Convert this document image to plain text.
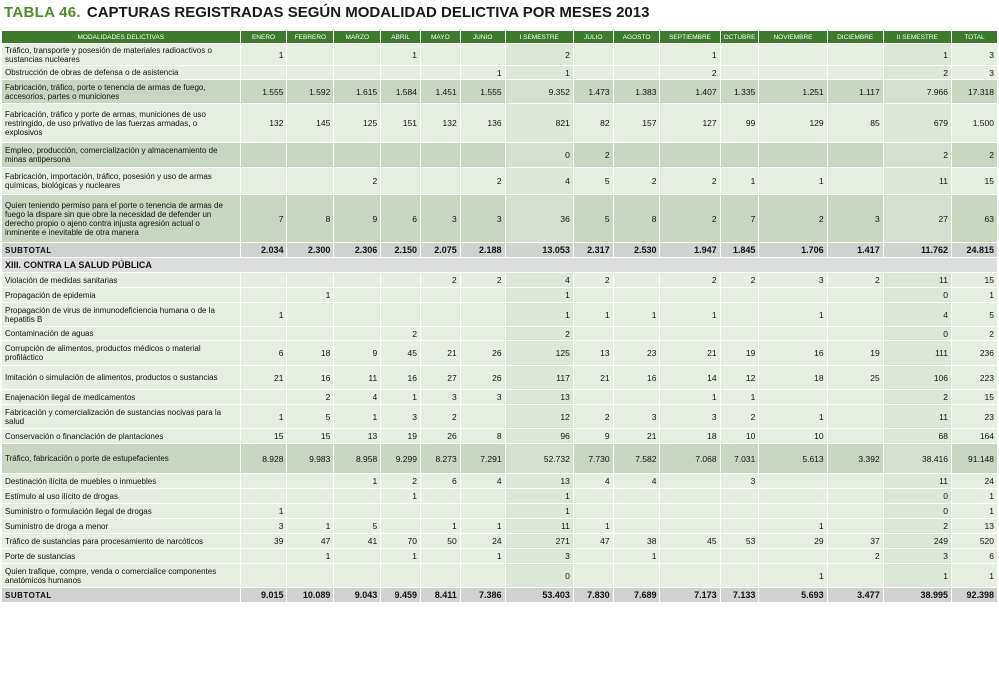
TABLA 46. CAPTURAS REGISTRADAS SEGÚN MODALIDAD DELICTIVA POR MESES 2013
MODALIDADES DELICTIVAS	ENERO	FEBRERO	MARZO	ABRIL	MAYO	JUNIO	I SEMESTRE	JULIO	AGOSTO	SEPTIEMBRE	OCTUBRE	NOVIEMBRE	DICIEMBRE	II SEMESTRE	TOTAL
Tráfico, transporte y posesión de materiales radioactivos o sustancias nucleares	1			1			2			1				1	3
Obstrucción de obras de defensa o de asistencia						1	1			2				2	3
Fabricación, tráfico, porte o tenencia de armas de fuego, accesorios, partes o municiones	1.555	1.592	1.615	1.584	1.451	1.555	9.352	1.473	1.383	1.407	1.335	1.251	1.117	7.966	17.318
Fabricación, tráfico y porte de armas, municiones de uso restringido, de uso privativo de las fuerzas armadas, o explosivos	132	145	125	151	132	136	821	82	157	127	99	129	85	679	1.500
Empleo, producción, comercialización y almacenamiento de minas antipersona							0	2						2	2
Fabricación, importación, tráfico, posesión y uso de armas químicas, biológicas y nucleares			2			2	4	5	2	2	1	1		11	15
Quien teniendo permiso para el porte o tenencia de armas de fuego la dispare sin que obre la necesidad de defender un derecho propio o ajeno contra injusta agresión actual o inminente e inevitable de otra manera	7	8	9	6	3	3	36	5	8	2	7	2	3	27	63
SUBTOTAL	2.034	2.300	2.306	2.150	2.075	2.188	13.053	2.317	2.530	1.947	1.845	1.706	1.417	11.762	24.815
XIII. CONTRA LA SALUD PÚBLICA															
Violación de medidas sanitarias					2	2	4	2		2	2	3	2	11	15
Propagación de epidemia		1					1							0	1
Propagación de virus de inmunodeficiencia humana o de la hepatitis B	1						1	1	1	1		1		4	5
Contaminación de aguas				2			2							0	2
Corrupción de alimentos, productos médicos o material profiláctico	6	18	9	45	21	26	125	13	23	21	19	16	19	111	236
Imitación o simulación de alimentos, productos o sustancias	21	16	11	16	27	26	117	21	16	14	12	18	25	106	223
Enajenación ilegal de medicamentos		2	4	1	3	3	13			1	1			2	15
Fabricación y comercialización de sustancias nocivas para la salud	1	5	1	3	2		12	2	3	3	2	1		11	23
Conservación o financiación de plantaciones	15	15	13	19	26	8	96	9	21	18	10	10		68	164
Tráfico, fabricación o porte de estupefacientes	8.928	9.983	8.958	9.299	8.273	7.291	52.732	7.730	7.582	7.068	7.031	5.613	3.392	38.416	91.148
Destinación ilícita de muebles o inmuebles			1	2	6	4	13	4	4		3			11	24
Estímulo al uso ilícito de drogas				1			1							0	1
Suministro o formulación ilegal de drogas	1						1							0	1
Suministro de droga a menor	3	1	5		1	1	11	1				1		2	13
Tráfico de sustancias para procesamiento de narcóticos	39	47	41	70	50	24	271	47	38	45	53	29	37	249	520
Porte de sustancias		1		1		1	3		1				2	3	6
Quien trafique, compre, venda o comercialice componentes anatómicos humanos							0					1		1	1
SUBTOTAL	9.015	10.089	9.043	9.459	8.411	7.386	53.403	7.830	7.689	7.173	7.133	5.693	3.477	38.995	92.398
